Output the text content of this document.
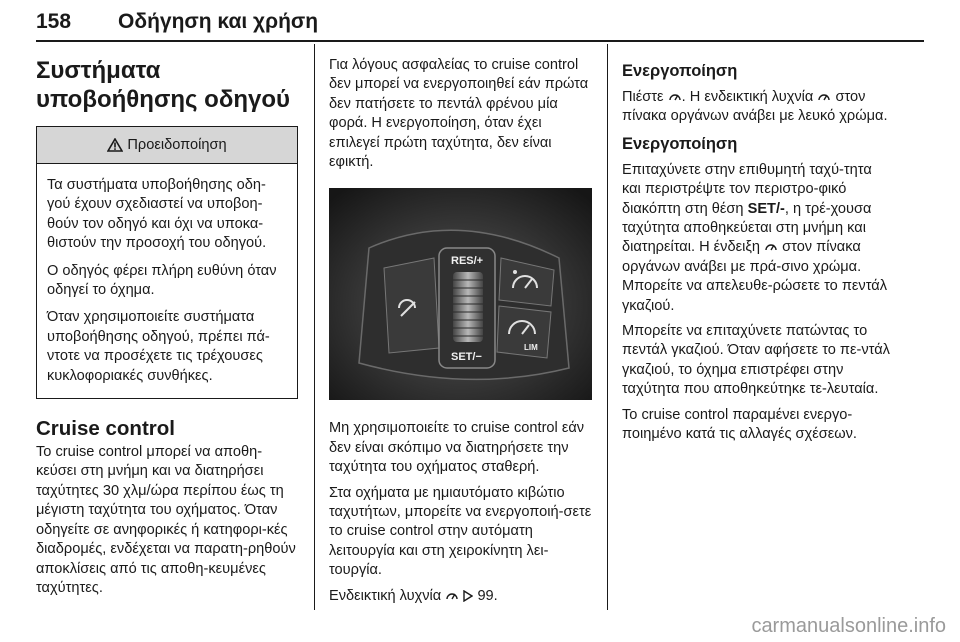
158 Οδήγηση και χρήση
Συστήματα υποβοήθησης οδηγού
Προειδοποίηση

Τα συστήματα υποβοήθησης οδη-γού έχουν σχεδιαστεί να υποβοη-θούν τον οδηγό και όχι να υποκα-θιστούν την προσοχή του οδηγού.

Ο οδηγός φέρει πλήρη ευθύνη όταν οδηγεί το όχημα.

Όταν χρησιμοποιείτε συστήματα υποβοήθησης οδηγού, πρέπει πά-ντοτε να προσέχετε τις τρέχουσες κυκλοφοριακές συνθήκες.

Cruise control

Το cruise control μπορεί να αποθη-κεύσει στη μνήμη και να διατηρήσει ταχύτητες 30 χλμ/ώρα περίπου έως τη μέγιστη ταχύτητα του οχήματος. Όταν οδηγείτε σε ανηφορικές ή κατηφορι-κές διαδρομές, ενδέχεται να παρατη-ρηθούν αποκλίσεις από τις αποθη-κευμένες ταχύτητες.

Για λόγους ασφαλείας το cruise control δεν μπορεί να ενεργοποιηθεί εάν πρώτα δεν πατήσετε το πεντάλ φρένου μία φορά. Η ενεργοποίηση, όταν έχει επιλεγεί πρώτη ταχύτητα, δεν είναι εφικτή.

RES/+
SET/−
LIM

Μη χρησιμοποιείτε το cruise control εάν δεν είναι σκόπιμο να διατηρήσετε την ταχύτητα του οχήματος σταθερή.

Στα οχήματα με ημιαυτόματο κιβώτιο ταχυτήτων, μπορείτε να ενεργοποιή-σετε το cruise control στην αυτόματη λειτουργία και στη χειροκίνητη λει-τουργία.

Ενδεικτική λυχνία 99.

Ενεργοποίηση

Πιέστε . Η ενδεικτική λυχνία στον πίνακα οργάνων ανάβει με λευκό χρώμα.

Ενεργοποίηση

Επιταχύνετε στην επιθυμητή ταχύ-τητα και περιστρέψτε τον περιστρο-φικό διακόπτη στη θέση SET/-, η τρέ-χουσα ταχύτητα αποθηκεύεται στη μνήμη και διατηρείται. Η ένδειξη στον πίνακα οργάνων ανάβει με πρά-σινο χρώμα. Μπορείτε να απελευθε-ρώσετε το πεντάλ γκαζιού.

Μπορείτε να επιταχύνετε πατώντας το πεντάλ γκαζιού. Όταν αφήσετε το πε-ντάλ γκαζιού, το όχημα επιστρέφει στην ταχύτητα που αποθηκεύτηκε τε-λευταία.

Το cruise control παραμένει ενεργο-ποιημένο κατά τις αλλαγές σχέσεων.

carmanualsonline.info
